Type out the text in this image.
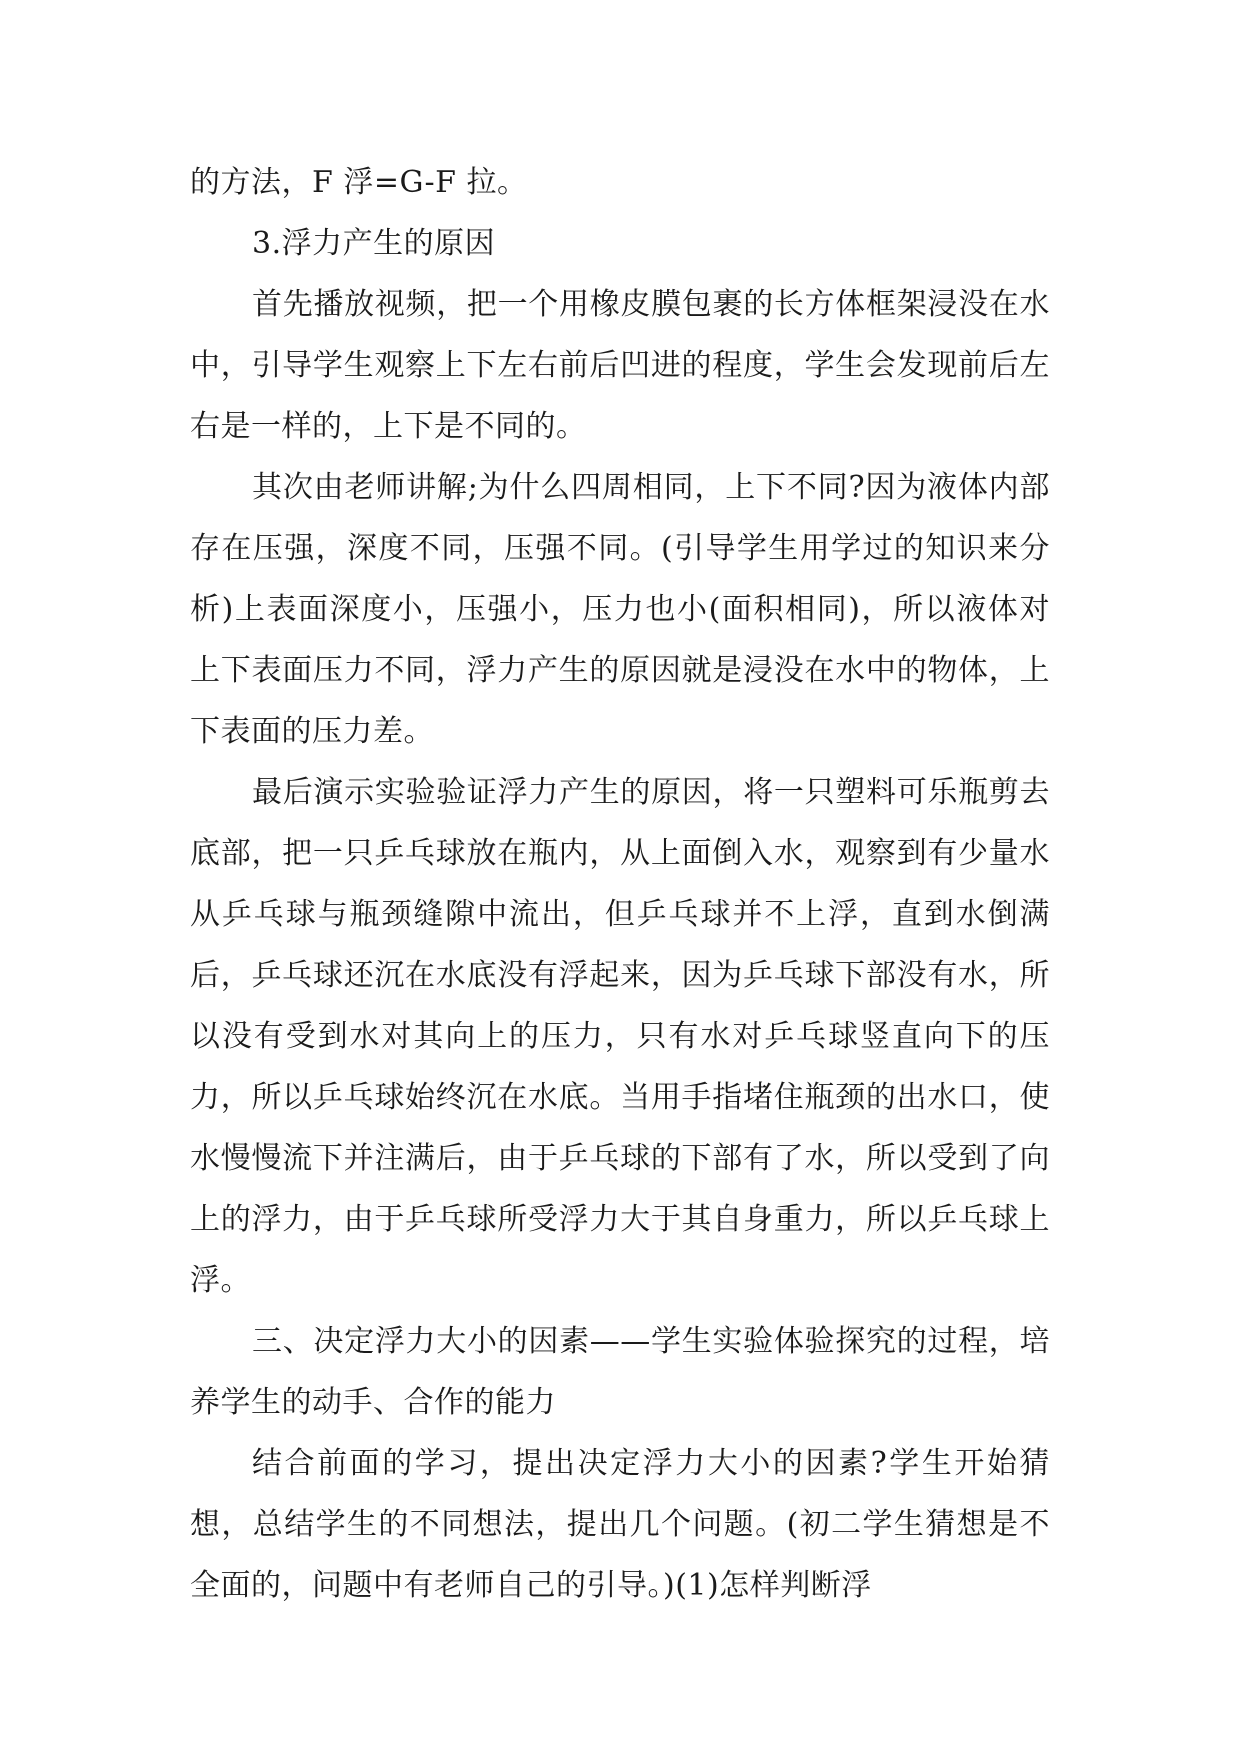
的方法，F 浮=G-F 拉。

3.浮力产生的原因

首先播放视频，把一个用橡皮膜包裹的长方体框架浸没在水中，引导学生观察上下左右前后凹进的程度，学生会发现前后左右是一样的，上下是不同的。

其次由老师讲解;为什么四周相同，上下不同?因为液体内部存在压强，深度不同，压强不同。(引导学生用学过的知识来分析)上表面深度小，压强小，压力也小(面积相同)，所以液体对上下表面压力不同，浮力产生的原因就是浸没在水中的物体，上下表面的压力差。

最后演示实验验证浮力产生的原因，将一只塑料可乐瓶剪去底部，把一只乒乓球放在瓶内，从上面倒入水，观察到有少量水从乒乓球与瓶颈缝隙中流出，但乒乓球并不上浮，直到水倒满后，乒乓球还沉在水底没有浮起来，因为乒乓球下部没有水，所以没有受到水对其向上的压力，只有水对乒乓球竖直向下的压力，所以乒乓球始终沉在水底。当用手指堵住瓶颈的出水口，使水慢慢流下并注满后，由于乒乓球的下部有了水，所以受到了向上的浮力，由于乒乓球所受浮力大于其自身重力，所以乒乓球上浮。

三、决定浮力大小的因素——学生实验体验探究的过程，培养学生的动手、合作的能力

结合前面的学习，提出决定浮力大小的因素?学生开始猜想，总结学生的不同想法，提出几个问题。(初二学生猜想是不全面的，问题中有老师自己的引导。)(1)怎样判断浮
